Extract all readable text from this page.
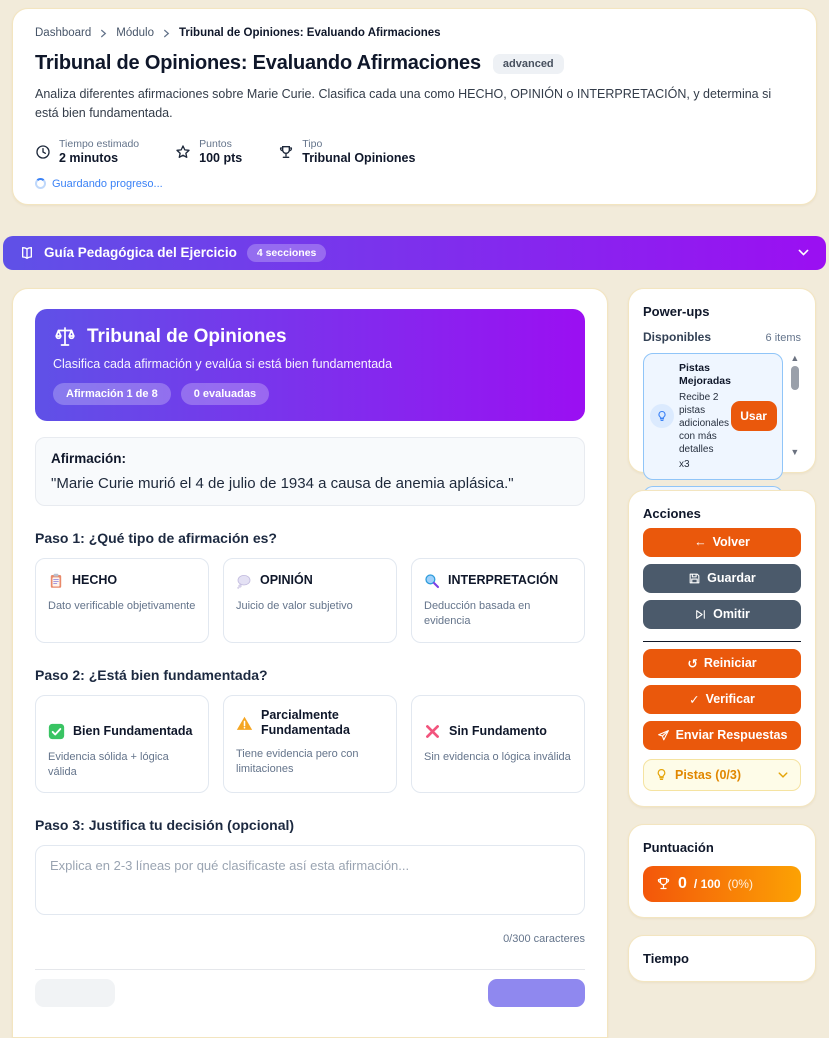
Dashboard Módulo Tribunal de Opiniones: Evaluando Afirmaciones
Tribunal de Opiniones: Evaluando Afirmaciones	advanced

Analiza diferentes afirmaciones sobre Marie Curie. Clasifica cada una como HECHO, OPINIÓN o INTERPRETACIÓN, y determina si está bien fundamentada.

Tiempo estimado
2 minutos
Puntos
100 pts
Tipo
Tribunal Opiniones
Guardando progreso...
Guía Pedagógica del Ejercicio	4 secciones
Tribunal de Opiniones
Clasifica cada afirmación y evalúa si está bien fundamentada
Afirmación 1 de 8	0 evaluadas
Afirmación:
"Marie Curie murió el 4 de julio de 1934 a causa de anemia aplásica."
Paso 1: ¿Qué tipo de afirmación es?
HECHO
Dato verificable objetivamente
OPINIÓN
Juicio de valor subjetivo
INTERPRETACIÓN
Deducción basada en evidencia
Paso 2: ¿Está bien fundamentada?
Bien Fundamentada
Evidencia sólida + lógica válida
Parcialmente Fundamentada
Tiene evidencia pero con limitaciones
Sin Fundamento
Sin evidencia o lógica inválida
Paso 3: Justifica tu decisión (opcional)
Explica en 2-3 líneas por qué clasificaste así esta afirmación...
0/300 caracteres
Power-ups
Disponibles	6 items
Pistas Mejoradas
Recibe 2 pistas adicionales con más detalles
x3
Usar
▲
▼
Acciones
← Volver
Guardar
Omitir
↺ Reiniciar
✓ Verificar
Enviar Respuestas
Pistas (0/3)
Puntuación
0 / 100 (0%)
Tiempo
